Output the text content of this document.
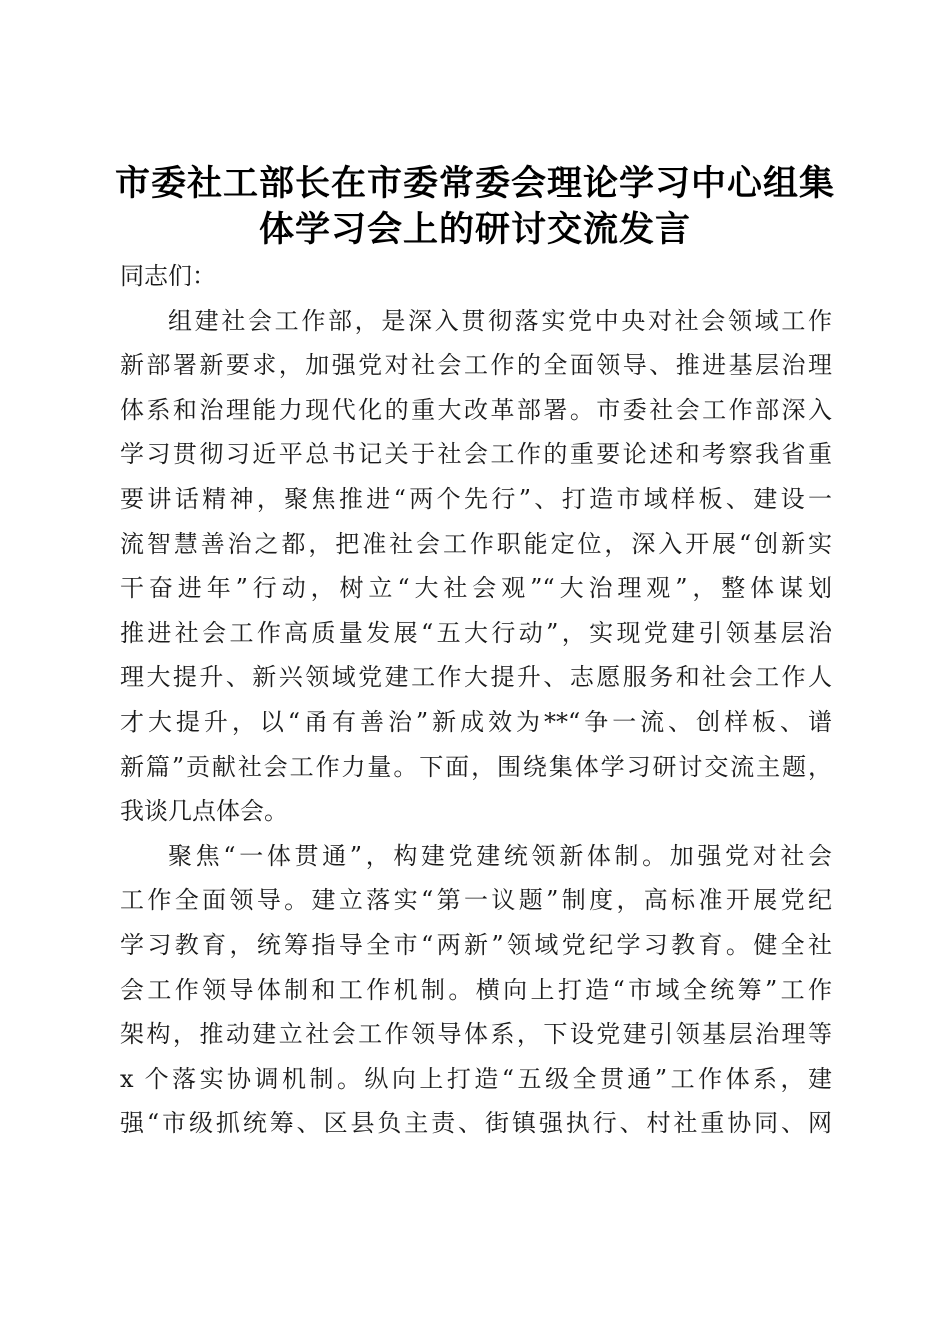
市委社工部长在市委常委会理论学习中心组集
体学习会上的研讨交流发言
同志们：
组建社会工作部，是深入贯彻落实党中央对社会领域工作
新部署新要求，加强党对社会工作的全面领导、推进基层治理
体系和治理能力现代化的重大改革部署。市委社会工作部深入
学习贯彻习近平总书记关于社会工作的重要论述和考察我省重
要讲话精神，聚焦推进“两个先行”、打造市域样板、建设一
流智慧善治之都，把准社会工作职能定位，深入开展“创新实
干奋进年”行动，树立“大社会观”“大治理观”，整体谋划
推进社会工作高质量发展“五大行动”，实现党建引领基层治
理大提升、新兴领域党建工作大提升、志愿服务和社会工作人
才大提升，以“甬有善治”新成效为**“争一流、创样板、谱
新篇”贡献社会工作力量。下面，围绕集体学习研讨交流主题，
我谈几点体会。
聚焦“一体贯通”，构建党建统领新体制。加强党对社会
工作全面领导。建立落实“第一议题”制度，高标准开展党纪
学习教育，统筹指导全市“两新”领域党纪学习教育。健全社
会工作领导体制和工作机制。横向上打造“市域全统筹”工作
架构，推动建立社会工作领导体系，下设党建引领基层治理等
x 个落实协调机制。纵向上打造“五级全贯通”工作体系，建
强“市级抓统筹、区县负主责、街镇强执行、村社重协同、网
